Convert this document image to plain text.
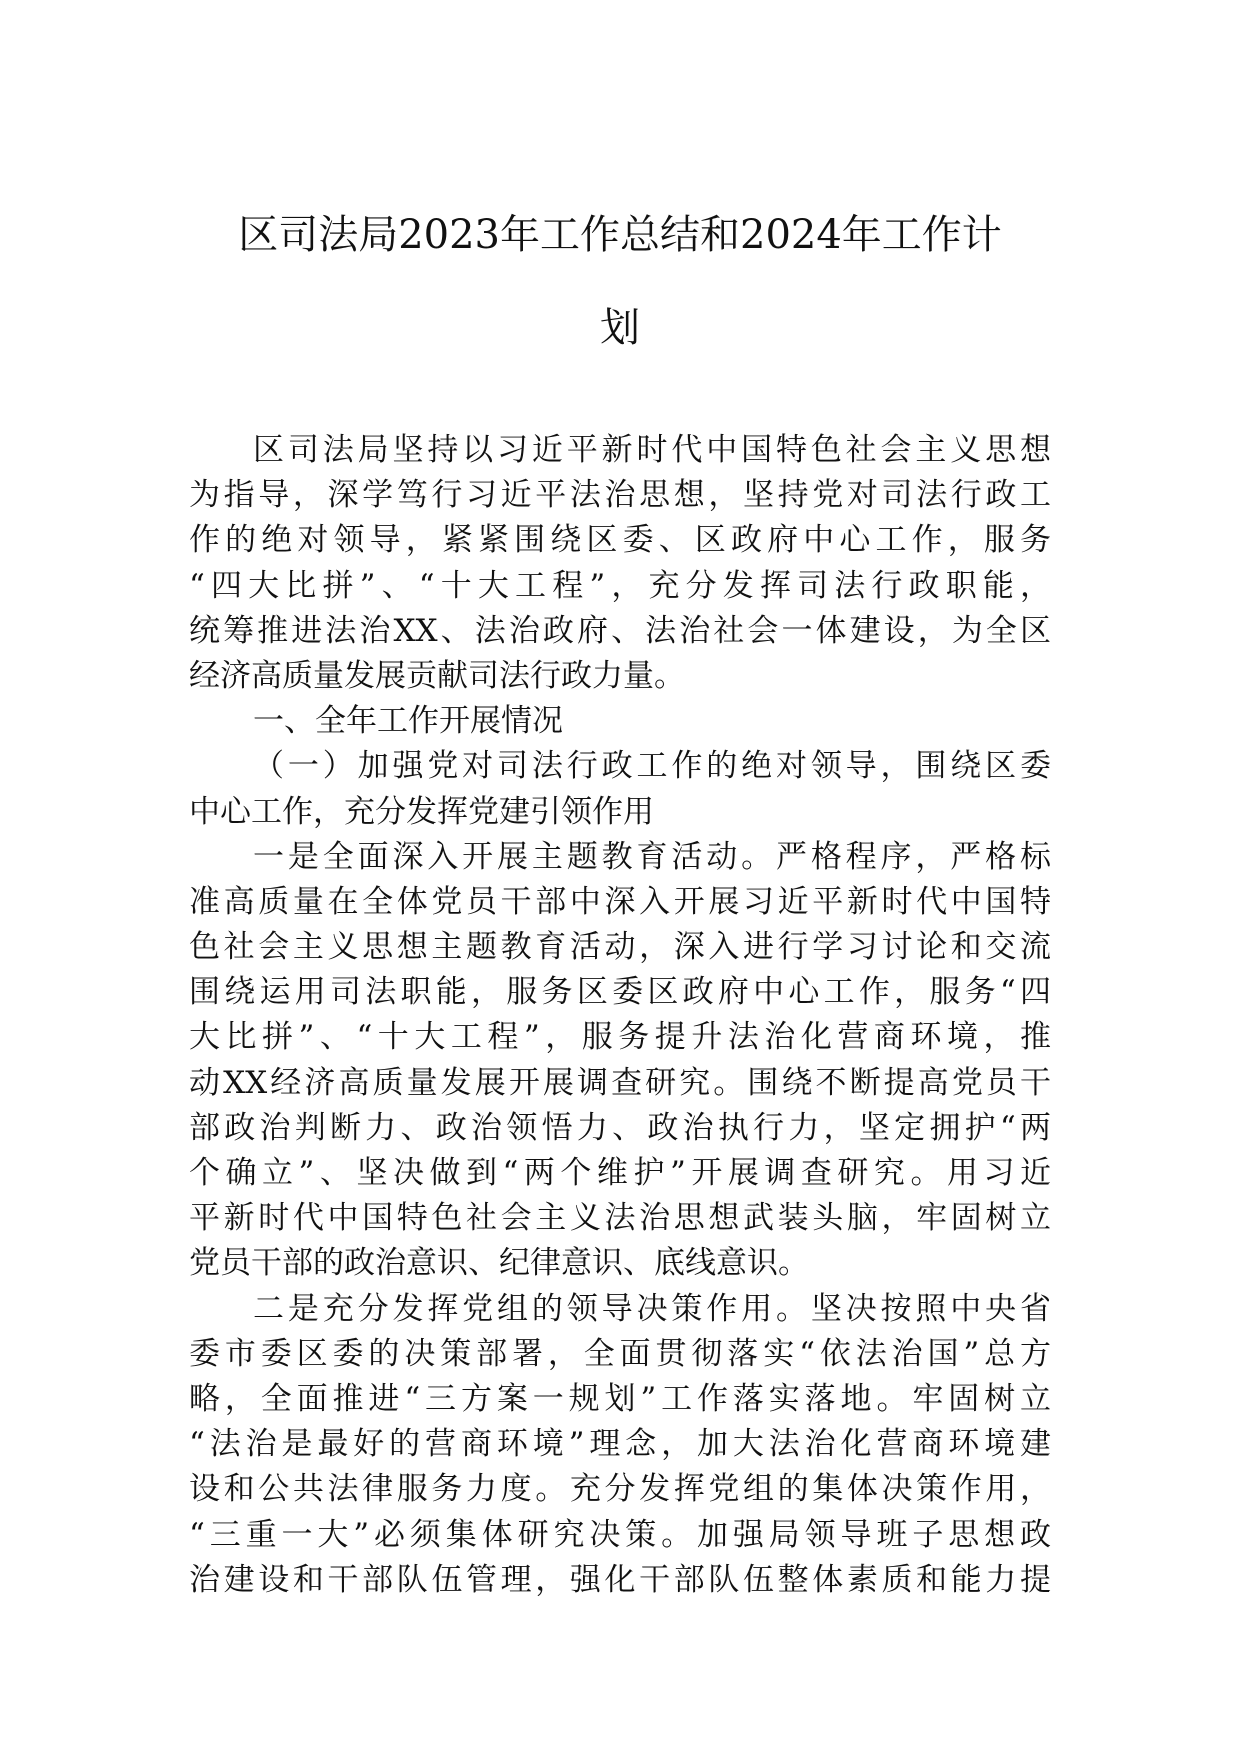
区司法局2023年工作总结和2024年工作计
划
区司法局坚持以习近平新时代中国特色社会主义思想
为指导，深学笃行习近平法治思想，坚持党对司法行政工
作的绝对领导，紧紧围绕区委、区政府中心工作，服务
“四大比拼”、“十大工程”，充分发挥司法行政职能，
统筹推进法治XX、法治政府、法治社会一体建设，为全区
经济高质量发展贡献司法行政力量。
一、全年工作开展情况
（一）加强党对司法行政工作的绝对领导，围绕区委
中心工作，充分发挥党建引领作用
一是全面深入开展主题教育活动。严格程序，严格标
准高质量在全体党员干部中深入开展习近平新时代中国特
色社会主义思想主题教育活动，深入进行学习讨论和交流
围绕运用司法职能，服务区委区政府中心工作，服务“四
大比拼”、“十大工程”，服务提升法治化营商环境，推
动XX经济高质量发展开展调查研究。围绕不断提高党员干
部政治判断力、政治领悟力、政治执行力，坚定拥护“两
个确立”、坚决做到“两个维护”开展调查研究。用习近
平新时代中国特色社会主义法治思想武装头脑，牢固树立
党员干部的政治意识、纪律意识、底线意识。
二是充分发挥党组的领导决策作用。坚决按照中央省
委市委区委的决策部署，全面贯彻落实“依法治国”总方
略，全面推进“三方案一规划”工作落实落地。牢固树立
“法治是最好的营商环境”理念，加大法治化营商环境建
设和公共法律服务力度。充分发挥党组的集体决策作用，
“三重一大”必须集体研究决策。加强局领导班子思想政
治建设和干部队伍管理，强化干部队伍整体素质和能力提
